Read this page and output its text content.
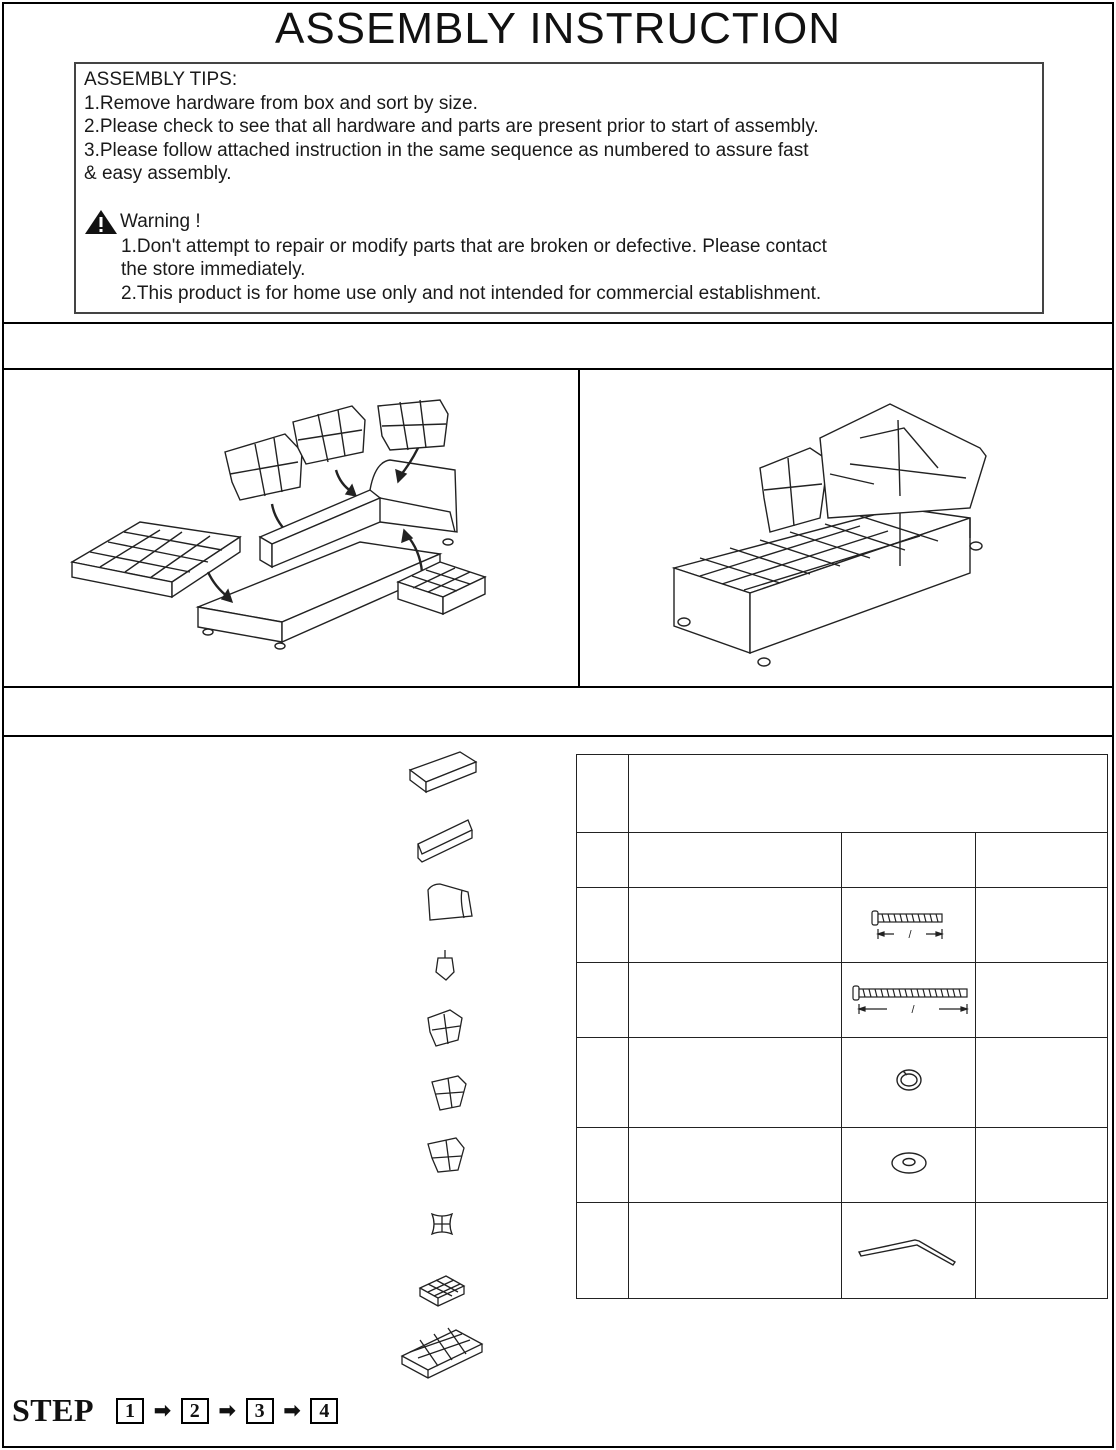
ASSEMBLY INSTRUCTION
ASSEMBLY TIPS:
1.Remove hardware from box and sort by size.
2.Please check to see that all hardware and parts are present prior to start of assembly.
3.Please follow attached instruction in the same sequence as numbered to assure fast
& easy assembly.
Warning !
1.Don't attempt to repair or modify parts that are broken or defective. Please contact
the store immediately.
2.This product is for home use only and not intended for commercial establishment.

/	

/	

STEP	1 ➡ 2 ➡ 3 ➡ 4
